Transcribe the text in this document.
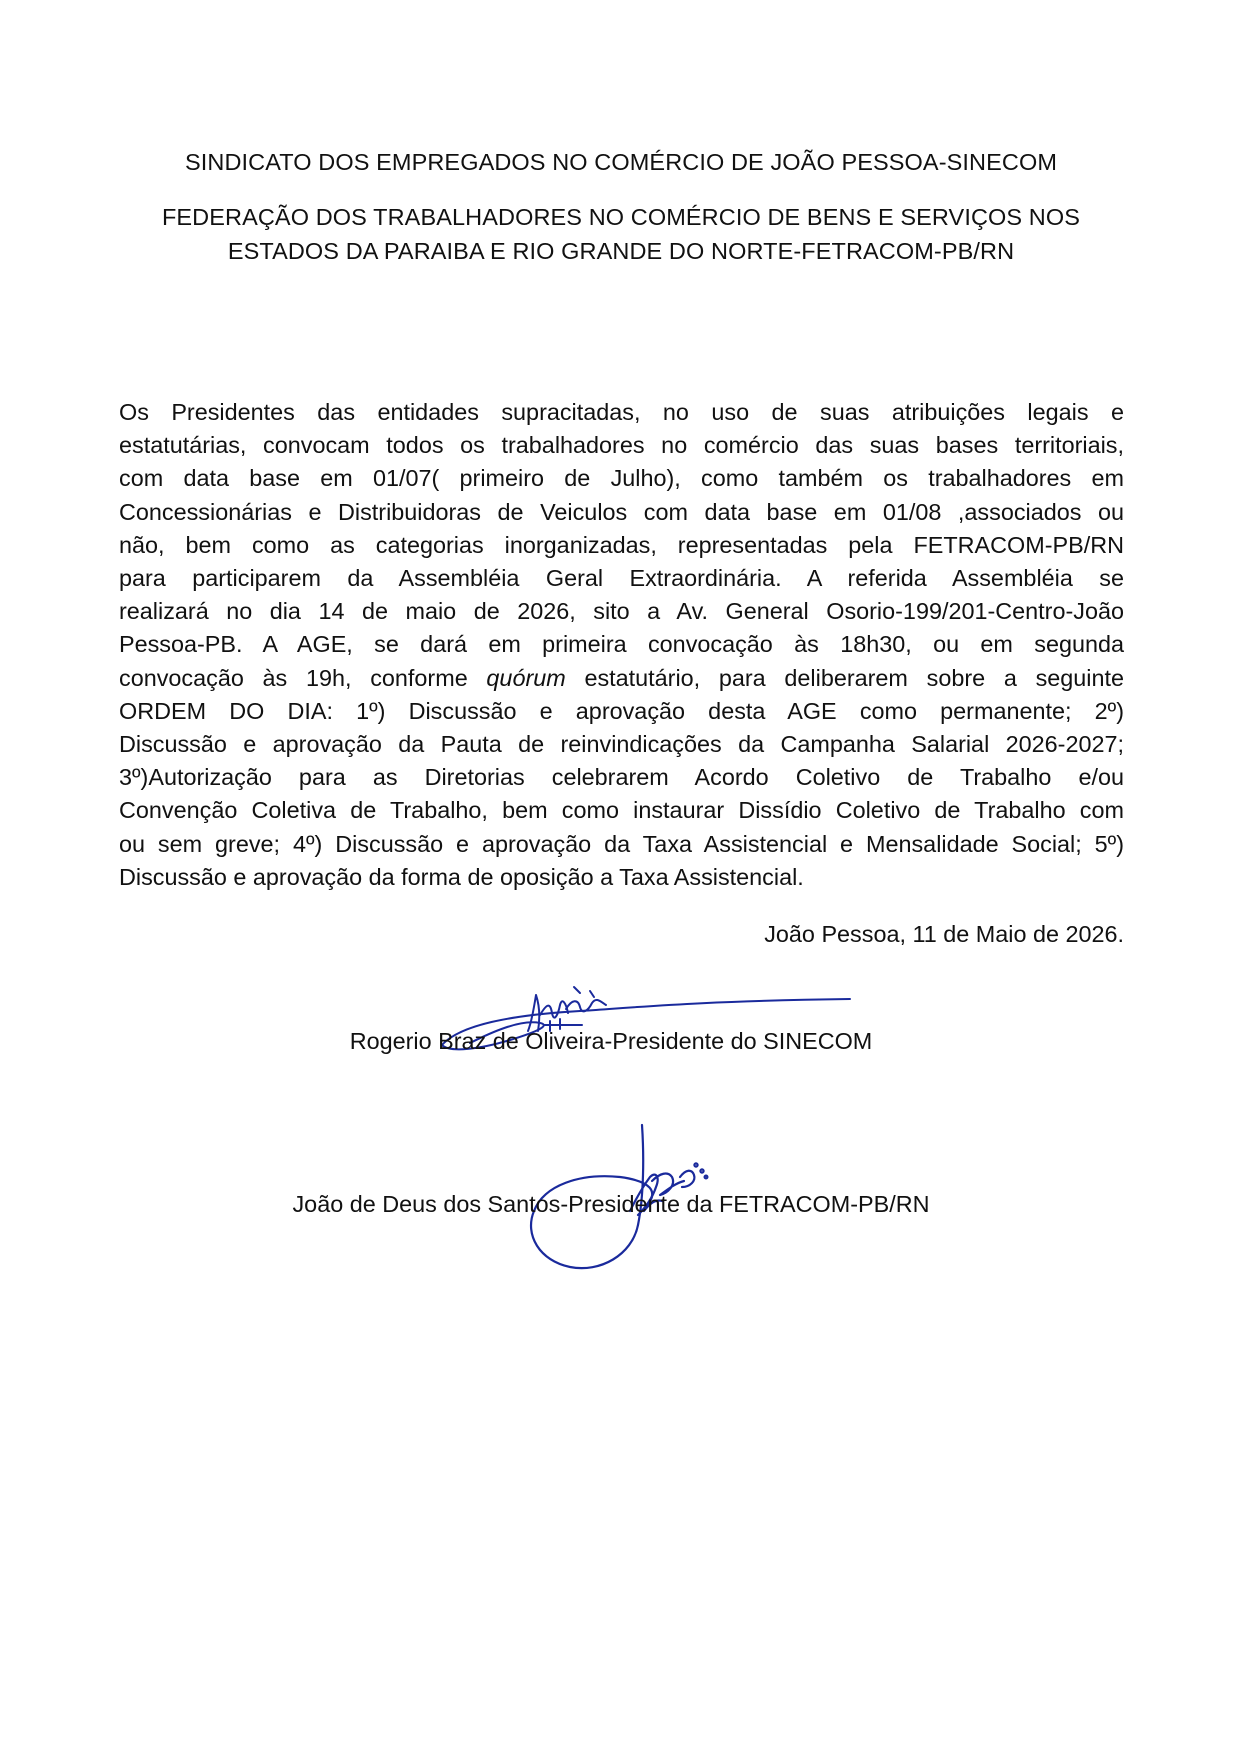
SINDICATO DOS EMPREGADOS NO COMÉRCIO DE JOÃO PESSOA-SINECOM

FEDERAÇÃO DOS TRABALHADORES NO COMÉRCIO DE BENS E SERVIÇOS NOS

ESTADOS DA PARAIBA E RIO GRANDE DO NORTE-FETRACOM-PB/RN

Os Presidentes das entidades supracitadas, no uso de suas atribuições legais e
estatutárias, convocam todos os trabalhadores no comércio das suas bases territoriais,
com data base em 01/07( primeiro de Julho), como também os trabalhadores em
Concessionárias e Distribuidoras de Veiculos com data base em 01/08 ,associados ou
não, bem como as categorias inorganizadas, representadas pela FETRACOM-PB/RN
para participarem da Assembléia Geral Extraordinária. A referida Assembléia se
realizará no dia 14 de maio de 2026, sito a Av. General Osorio-199/201-Centro-João
Pessoa-PB. A AGE, se dará em primeira convocação às 18h30, ou em segunda
convocação às 19h, conforme quórum estatutário, para deliberarem sobre a seguinte
ORDEM DO DIA: 1º) Discussão e aprovação desta AGE como permanente; 2º)
Discussão e aprovação da Pauta de reinvindicações da Campanha Salarial 2026-2027;
3º)Autorização para as Diretorias celebrarem Acordo Coletivo de Trabalho e/ou
Convenção Coletiva de Trabalho, bem como instaurar Dissídio Coletivo de Trabalho com
ou sem greve; 4º) Discussão e aprovação da Taxa Assistencial e Mensalidade Social; 5º)
Discussão e aprovação da forma de oposição a Taxa Assistencial.

João Pessoa, 11 de Maio de 2026.

Rogerio Braz de Oliveira-Presidente do SINECOM

João de Deus dos Santos-Presidente da FETRACOM-PB/RN
